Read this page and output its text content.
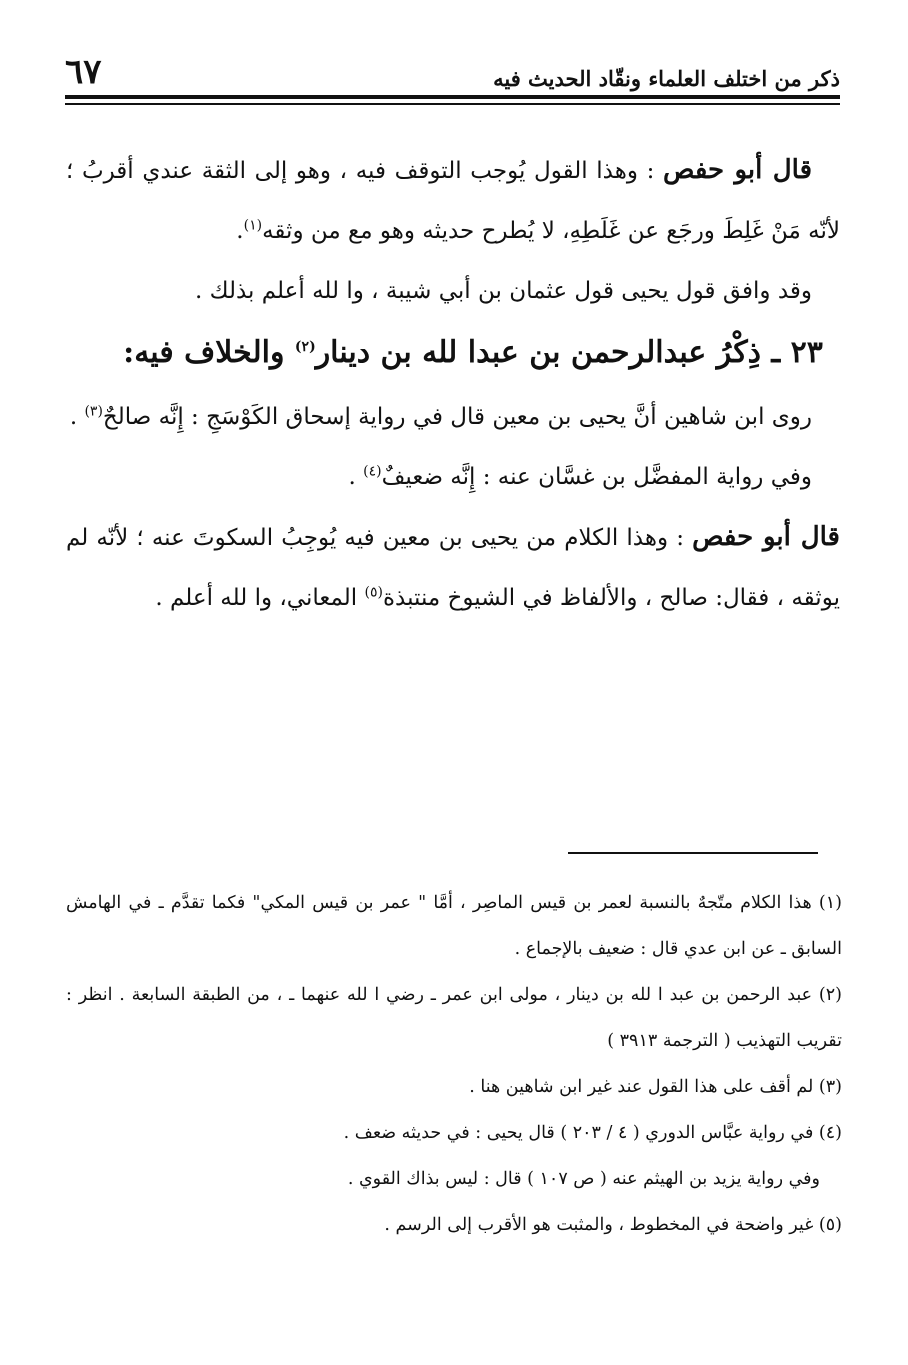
ذكر من اختلف العلماء ونقّاد الحديث فيه
٦٧

قال أبو حفص : وهذا القول يُوجب التوقف فيه ، وهو إلى الثقة عندي أقربُ ؛ لأنّه مَنْ غَلِطَ ورجَع عن غَلَطِهِ، لا يُطرح حديثه وهو مع من وثقه$^{(١)}$.

وقد وافق قول يحيى قول عثمان بن أبي شيبة ، وا لله أعلم بذلك .

٢٣ ـ ذِكْرُ عبدالرحمن بن عبدا لله بن دينار$^{(٢)}$ والخلاف فيه:

روى ابن شاهين أنَّ يحيى بن معين قال في رواية إسحاق الكَوْسَجِ : إِنَّه صالحٌ$^{(٣)}$ .

وفي رواية المفضَّل بن غسَّان عنه : إِنَّه ضعيفٌ$^{(٤)}$ .

قال أبو حفص : وهذا الكلام من يحيى بن معين فيه يُوجِبُ السكوتَ عنه ؛ لأنّه لم يوثقه ، فقال: صالح ، والألفاظ في الشيوخ منتبذة$^{(٥)}$ المعاني، وا لله أعلم .

(١) هذا الكلام متّجهٌ بالنسبة لعمر بن قيس الماصِر ، أمَّا " عمر بن قيس المكي" فكما تقدَّم ـ في الهامش السابق ـ عن ابن عدي قال : ضعيف بالإجماع .

(٢) عبد الرحمن بن عبد ا لله بن دينار ، مولى ابن عمر ـ رضي ا لله عنهما ـ ، من الطبقة السابعة . انظر : تقريب التهذيب ( الترجمة ٣٩١٣ )

(٣) لم أقف على هذا القول عند غير ابن شاهين هنا .

(٤) في رواية عبَّاس الدوري ( ٤ / ٢٠٣ ) قال يحيى : في حديثه ضعف .

وفي رواية يزيد بن الهيثم عنه ( ص ١٠٧ ) قال : ليس بذاك القوي .

(٥) غير واضحة في المخطوط ، والمثبت هو الأقرب إلى الرسم .
